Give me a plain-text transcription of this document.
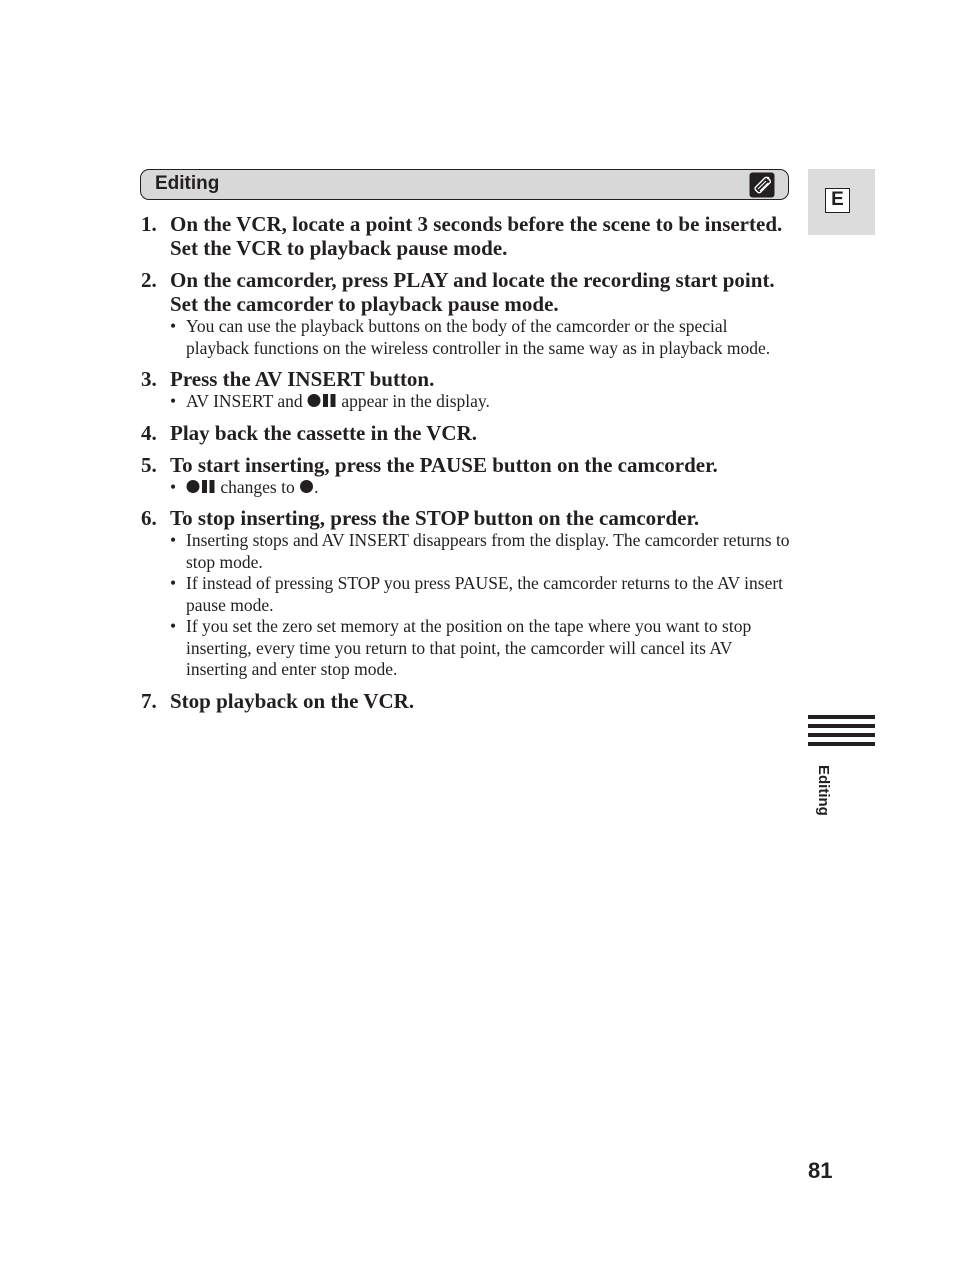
Editing
E
1. On the VCR, locate a point 3 seconds before the scene to be inserted. Set the VCR to playback pause mode.
2. On the camcorder, press PLAY and locate the recording start point. Set the camcorder to playback pause mode.
• You can use the playback buttons on the body of the camcorder or the special playback functions on the wireless controller in the same way as in playback mode.
3. Press the AV INSERT button.
• AV INSERT and appear in the display.
4. Play back the cassette in the VCR.
5. To start inserting, press the PAUSE button on the camcorder.
•	changes to .
6. To stop inserting, press the STOP button on the camcorder.
• Inserting stops and AV INSERT disappears from the display. The camcorder returns to stop mode.
• If instead of pressing STOP you press PAUSE, the camcorder returns to the AV insert pause mode.
• If you set the zero set memory at the position on the tape where you want to stop inserting, every time you return to that point, the camcorder will cancel its AV inserting and enter stop mode.
7. Stop playback on the VCR.
Editing
81
